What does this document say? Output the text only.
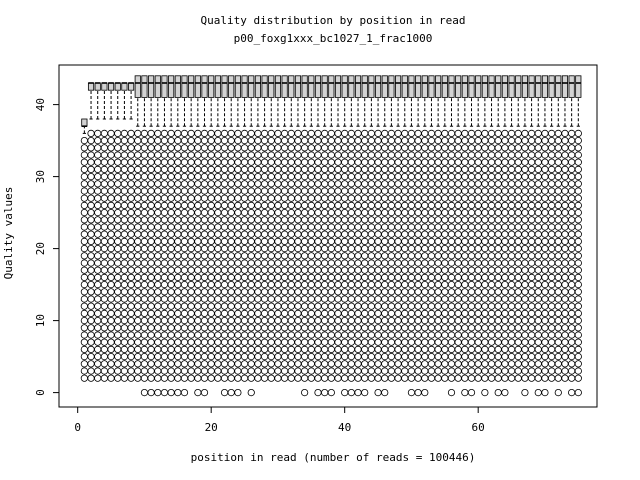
Quality distribution by position in read
p00_foxg1xxx_bc1027_1_frac1000
0	20	40	60
0
10
20
30
40
position in read (number of reads = 100446)
Quality values
